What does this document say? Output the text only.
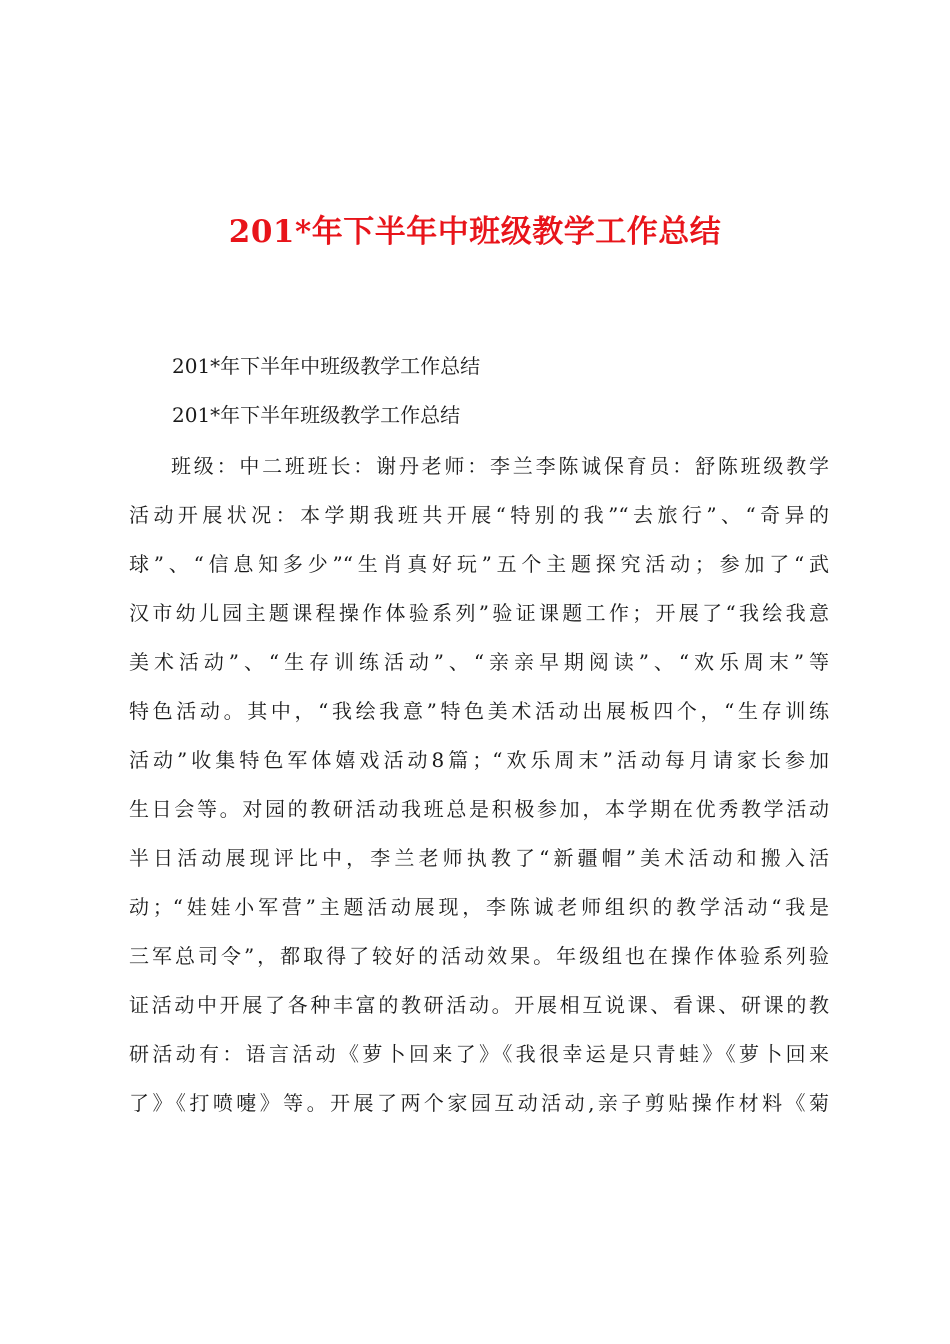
201*年下半年中班级教学工作总结

201*年下半年中班级教学工作总结

201*年下半年班级教学工作总结

班级：中二班班长：谢丹老师：李兰李陈诚保育员：舒陈班级教学
活动开展状况：本学期我班共开展“特别的我”“去旅行”、“奇异的
球”、“信息知多少”“生肖真好玩”五个主题探究活动；参加了“武
汉市幼儿园主题课程操作体验系列”验证课题工作；开展了“我绘我意
美术活动”、“生存训练活动”、“亲亲早期阅读”、“欢乐周末”等
特色活动。其中，“我绘我意”特色美术活动出展板四个，“生存训练
活动”收集特色军体嬉戏活动8篇；“欢乐周末”活动每月请家长参加
生日会等。对园的教研活动我班总是积极参加，本学期在优秀教学活动
半日活动展现评比中，李兰老师执教了“新疆帽”美术活动和搬入活
动；“娃娃小军营”主题活动展现，李陈诚老师组织的教学活动“我是
三军总司令”，都取得了较好的活动效果。年级组也在操作体验系列验
证活动中开展了各种丰富的教研活动。开展相互说课、看课、研课的教
研活动有：语言活动《萝卜回来了》《我很幸运是只青蛙》《萝卜回来
了》《打喷嚏》等。开展了两个家园互动活动,亲子剪贴操作材料《菊
